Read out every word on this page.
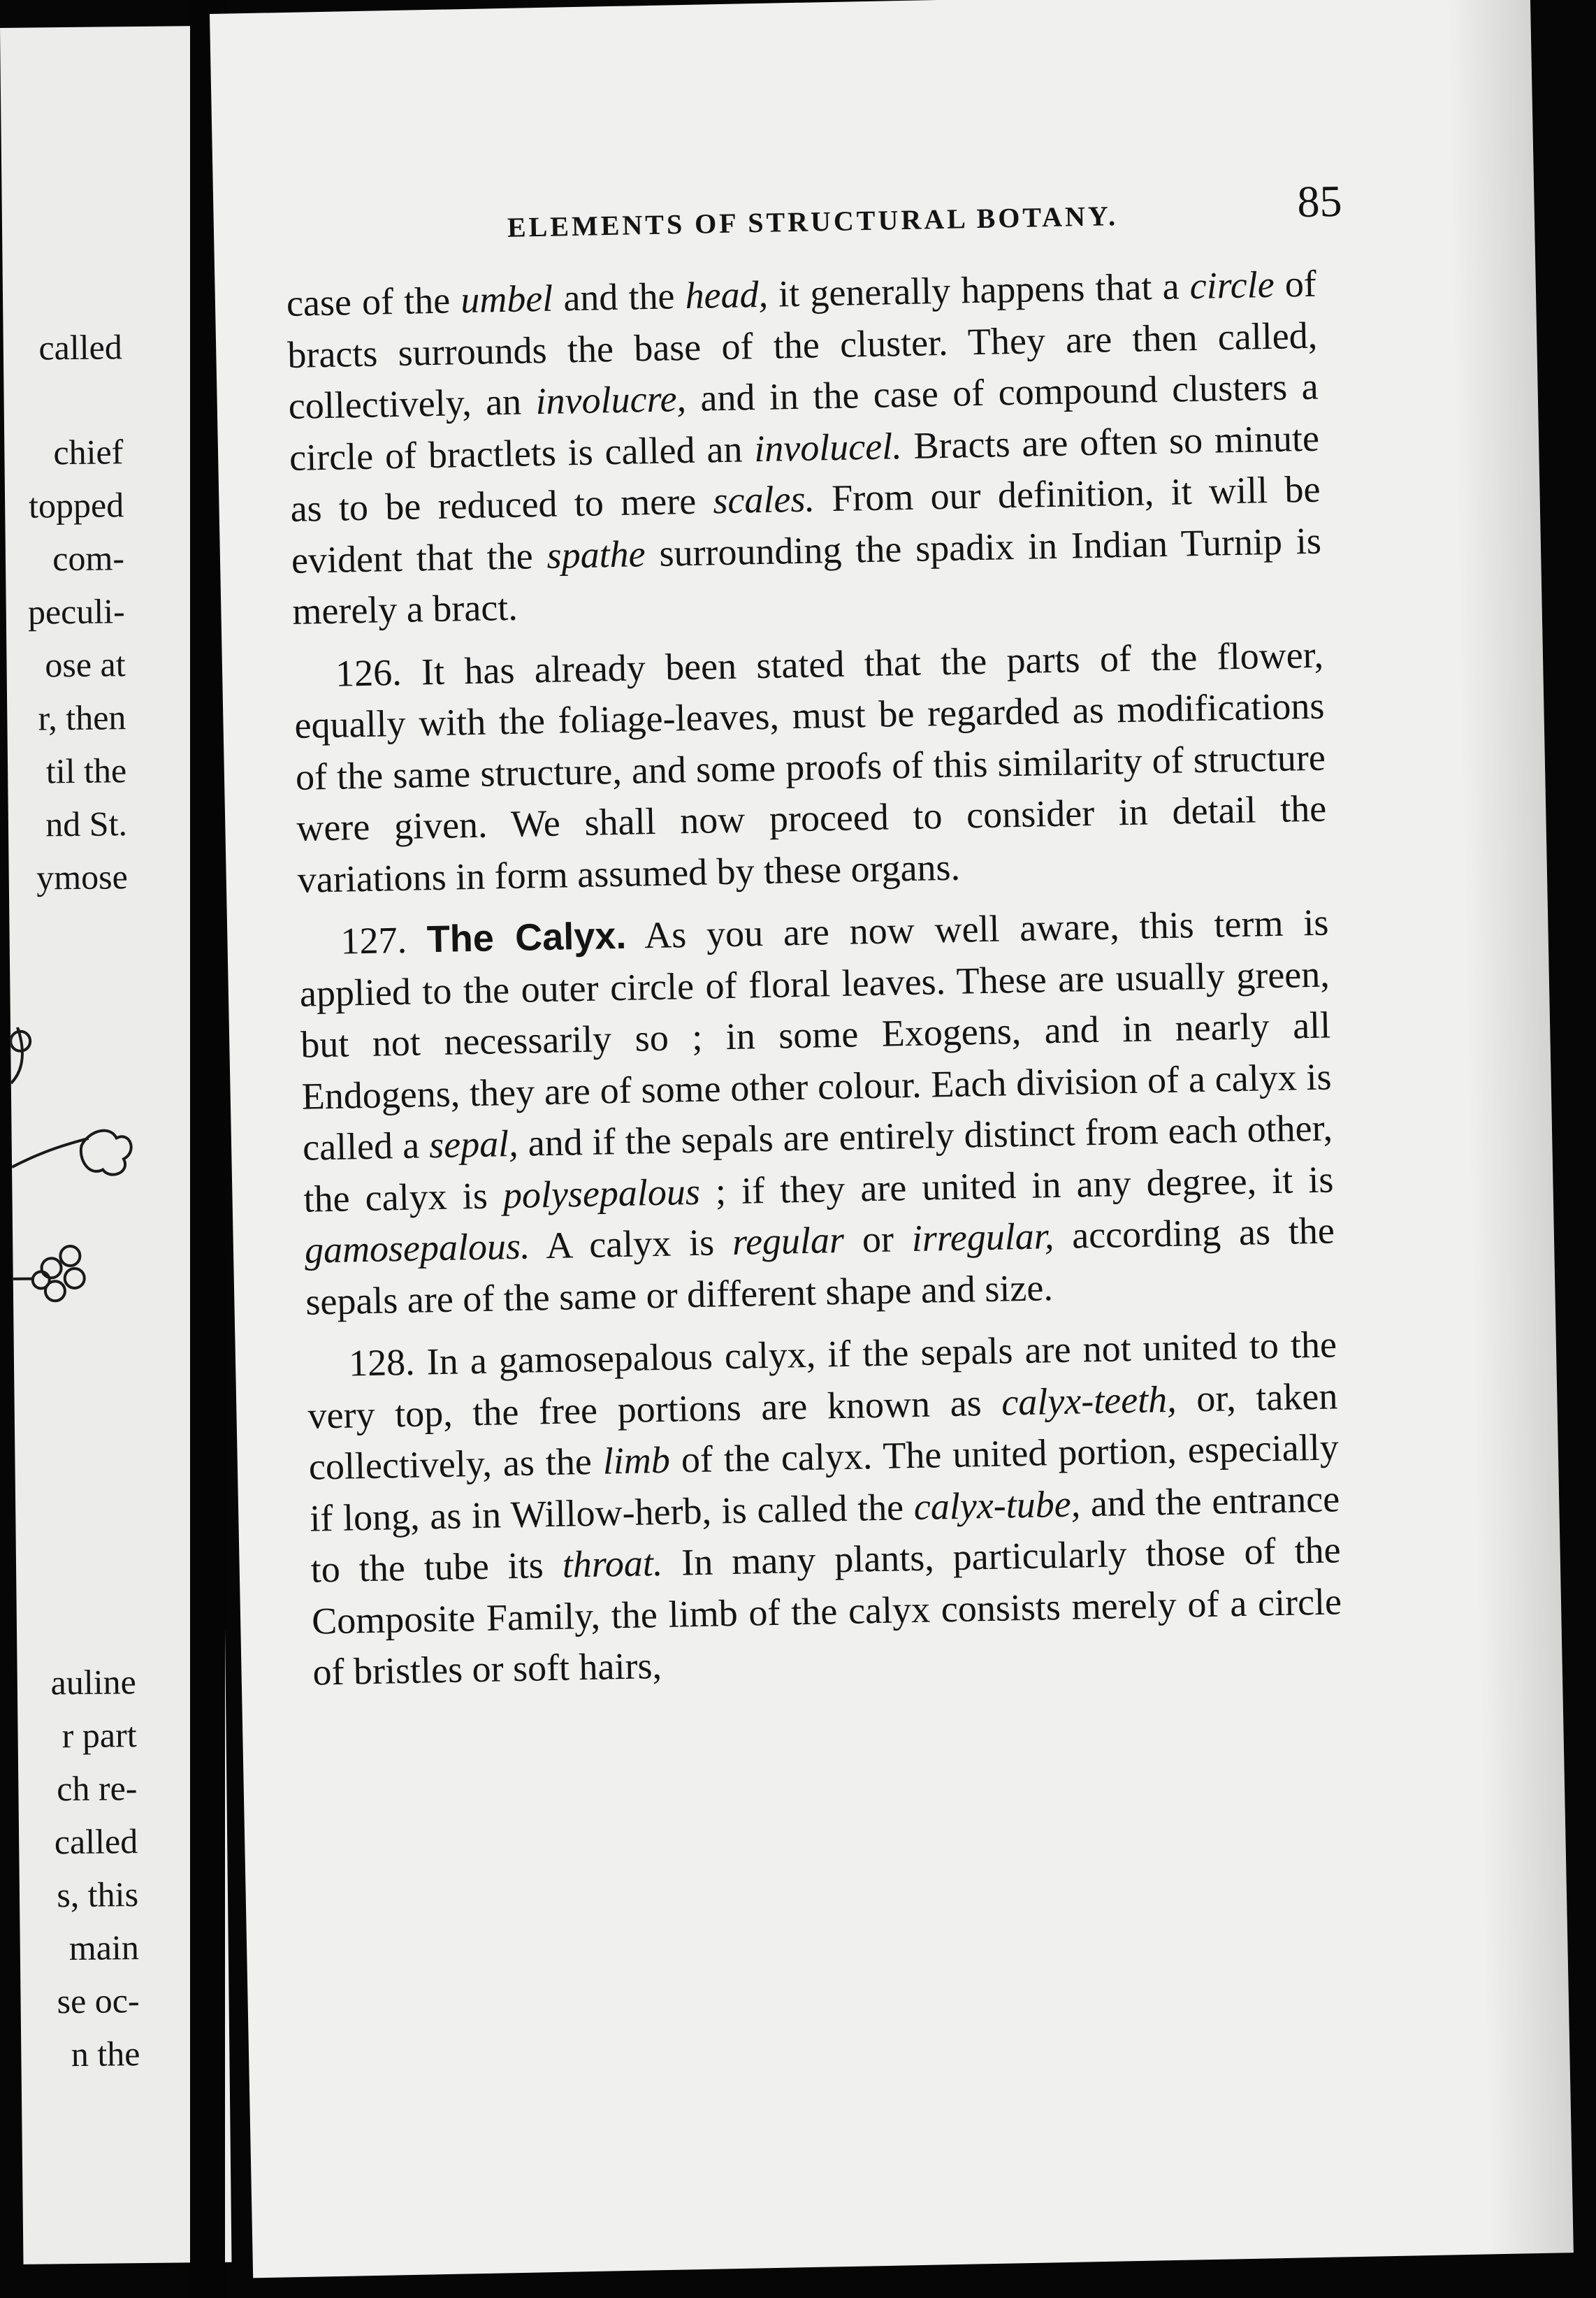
called
chief
topped
com-
peculi-
ose at
r, then
til the
nd St.
ymose
auline
r part
ch re-
called
s, this
main
se oc-
n the
ELEMENTS OF STRUCTURAL BOTANY.	85

case of the umbel and the head, it generally happens that a circle of bracts surrounds the base of the cluster. They are then called, collectively, an involucre, and in the case of compound clusters a circle of bractlets is called an involucel. Bracts are often so minute as to be reduced to mere scales. From our definition, it will be evident that the spathe surrounding the spadix in Indian Turnip is merely a bract.

126. It has already been stated that the parts of the flower, equally with the foliage-leaves, must be regarded as modifications of the same structure, and some proofs of this similarity of structure were given. We shall now proceed to consider in detail the variations in form assumed by these organs.

127. The Calyx. As you are now well aware, this term is applied to the outer circle of floral leaves. These are usually green, but not necessarily so ; in some Exogens, and in nearly all Endogens, they are of some other colour. Each division of a calyx is called a sepal, and if the sepals are entirely distinct from each other, the calyx is polysepalous ; if they are united in any degree, it is gamosepalous. A calyx is regular or irregular, according as the sepals are of the same or different shape and size.

128. In a gamosepalous calyx, if the sepals are not united to the very top, the free portions are known as calyx-teeth, or, taken collectively, as the limb of the calyx. The united portion, especially if long, as in Willow-herb, is called the calyx-tube, and the entrance to the tube its throat. In many plants, particularly those of the Composite Family, the limb of the calyx consists merely of a circle of bristles or soft hairs,
